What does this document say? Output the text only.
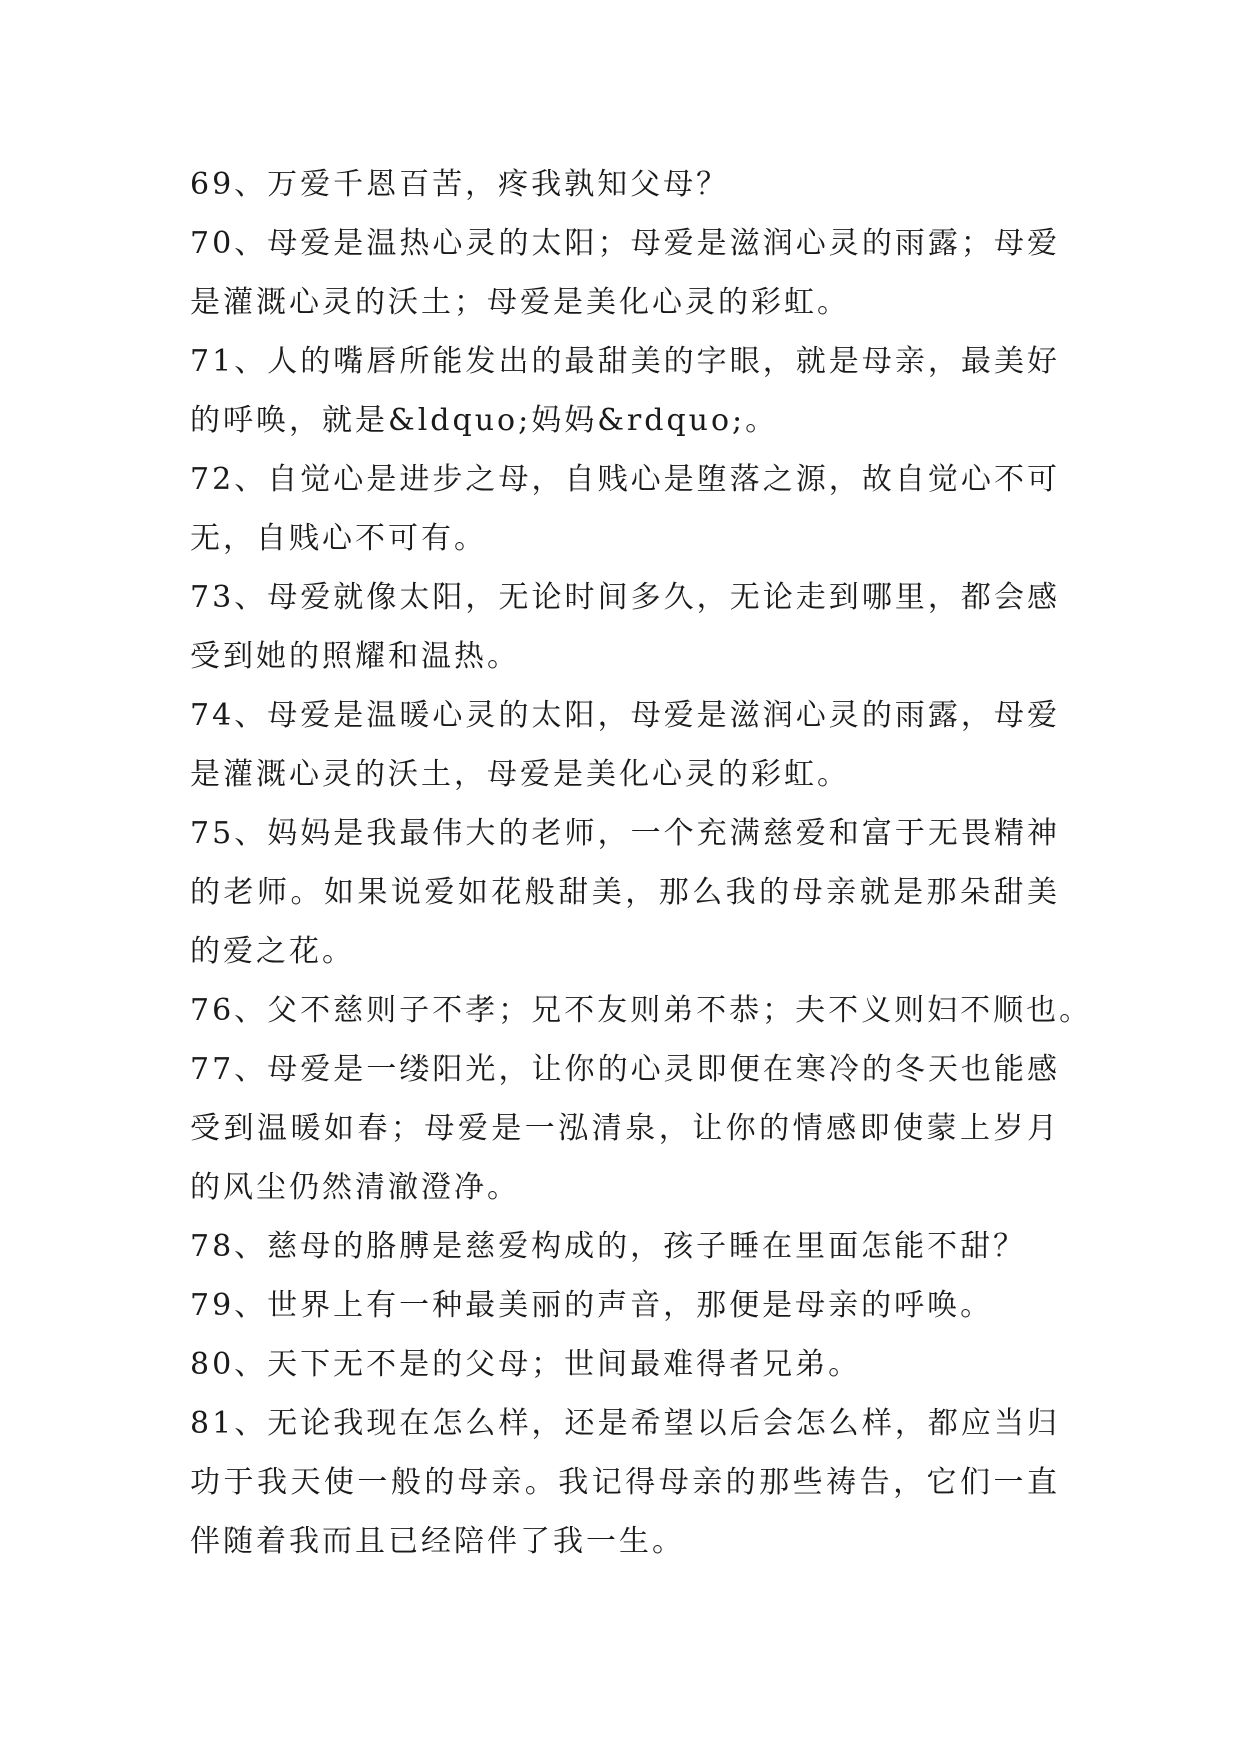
69、万爱千恩百苦，疼我孰知父母？

70、母爱是温热心灵的太阳；母爱是滋润心灵的雨露；母爱
是灌溉心灵的沃土；母爱是美化心灵的彩虹。

71、人的嘴唇所能发出的最甜美的字眼，就是母亲，最美好
的呼唤，就是&ldquo;妈妈&rdquo;。

72、自觉心是进步之母，自贱心是堕落之源，故自觉心不可
无，自贱心不可有。

73、母爱就像太阳，无论时间多久，无论走到哪里，都会感
受到她的照耀和温热。

74、母爱是温暖心灵的太阳，母爱是滋润心灵的雨露，母爱
是灌溉心灵的沃土，母爱是美化心灵的彩虹。

75、妈妈是我最伟大的老师，一个充满慈爱和富于无畏精神
的老师。如果说爱如花般甜美，那么我的母亲就是那朵甜美
的爱之花。

76、父不慈则子不孝；兄不友则弟不恭；夫不义则妇不顺也。

77、母爱是一缕阳光，让你的心灵即便在寒冷的冬天也能感
受到温暖如春；母爱是一泓清泉，让你的情感即使蒙上岁月
的风尘仍然清澈澄净。

78、慈母的胳膊是慈爱构成的，孩子睡在里面怎能不甜？

79、世界上有一种最美丽的声音，那便是母亲的呼唤。

80、天下无不是的父母；世间最难得者兄弟。

81、无论我现在怎么样，还是希望以后会怎么样，都应当归
功于我天使一般的母亲。我记得母亲的那些祷告，它们一直
伴随着我而且已经陪伴了我一生。
